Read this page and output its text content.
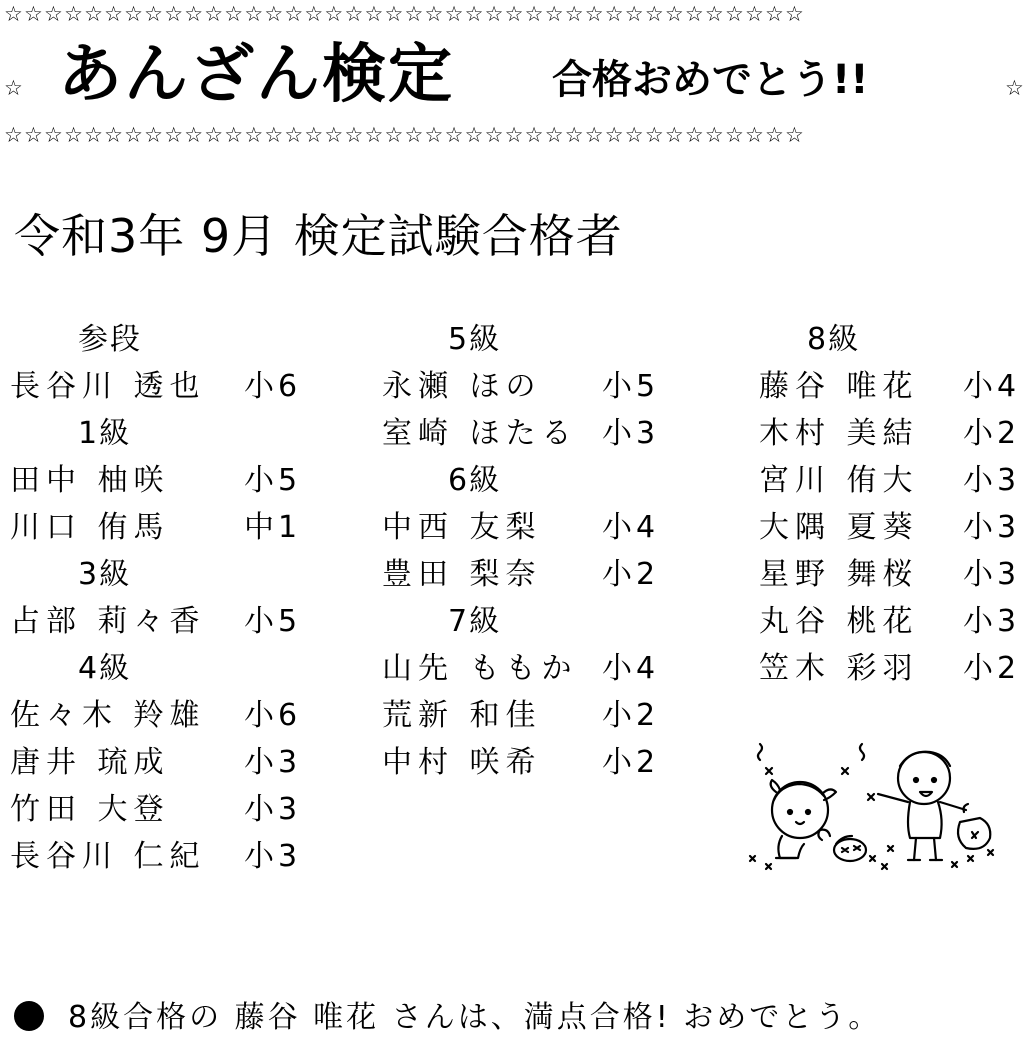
☆☆☆☆☆☆☆☆☆☆☆☆☆☆☆☆☆☆☆☆☆☆☆☆☆☆☆☆☆☆☆☆☆☆☆☆☆☆☆☆
☆ あんざん検定 合格おめでとう!!	☆
☆☆☆☆☆☆☆☆☆☆☆☆☆☆☆☆☆☆☆☆☆☆☆☆☆☆☆☆☆☆☆☆☆☆☆☆☆☆☆☆
令和3年 9月 検定試験合格者
参段
長谷川 透也 小6
1級
田中 柚咲 小5
川口 侑馬 中1
3級
占部 莉々香 小5
4級
佐々木 羚雄 小6
唐井 琉成 小3
竹田 大登 小3
長谷川 仁紀 小3
5級
永瀬 ほの 小5
室崎 ほたる 小3
6級
中西 友梨 小4
豊田 梨奈 小2
7級
山先 ももか 小4
荒新 和佳 小2
中村 咲希 小2
8級
藤谷 唯花 小4
木村 美結 小2
宮川 侑大 小3
大隅 夏葵 小3
星野 舞桜 小3
丸谷 桃花 小3
笠木 彩羽 小2
8級合格の 藤谷 唯花 さんは、満点合格! おめでとう。
